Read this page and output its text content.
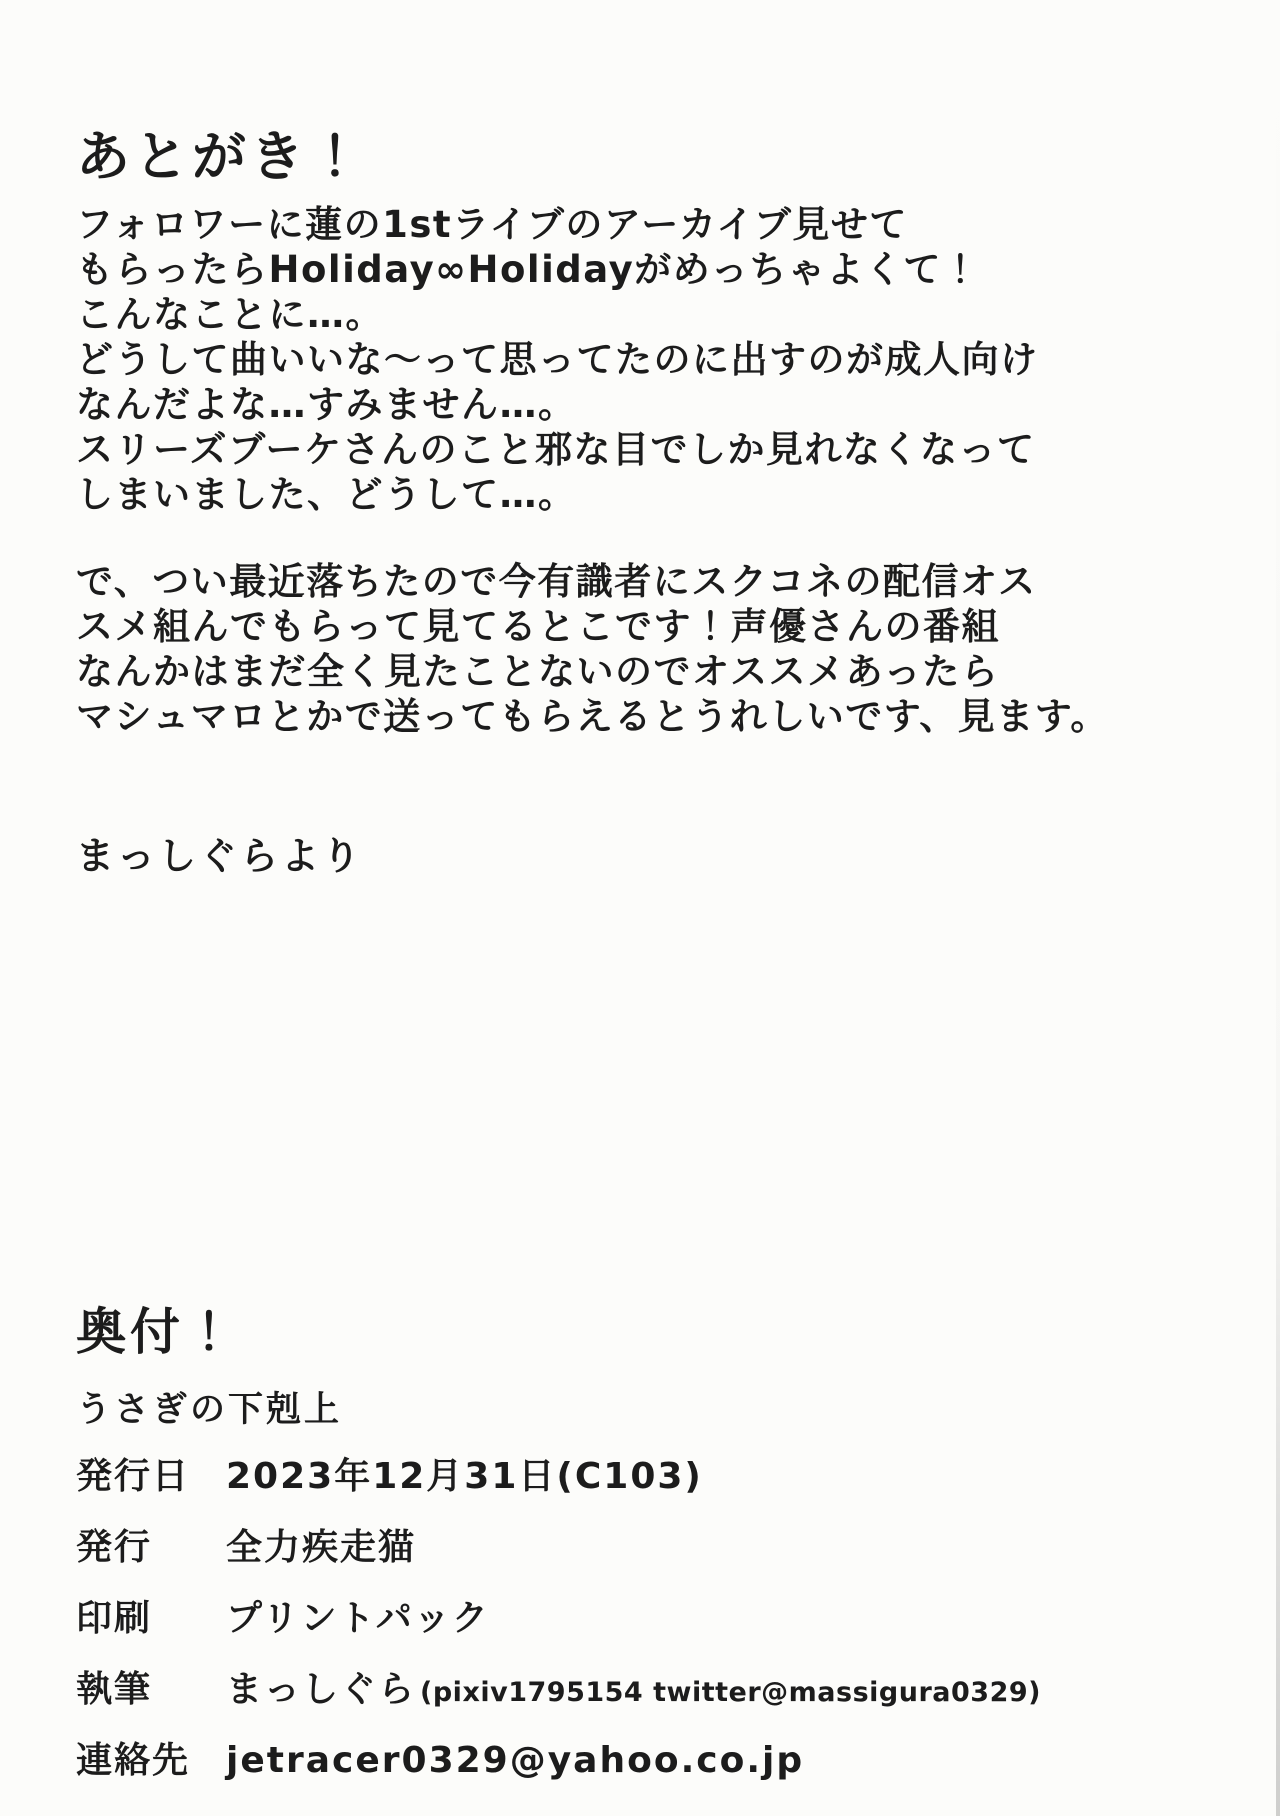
あとがき！
フォロワーに蓮の1stライブのアーカイブ見せて
もらったらHoliday∞Holidayがめっちゃよくて！
こんなことに…。
どうして曲いいな～って思ってたのに出すのが成人向け
なんだよな…すみません…。
スリーズブーケさんのこと邪な目でしか見れなくなって
しまいました、どうして…。
で、つい最近落ちたので今有識者にスクコネの配信オス
スメ組んでもらって見てるとこです！声優さんの番組
なんかはまだ全く見たことないのでオススメあったら
マシュマロとかで送ってもらえるとうれしいです、見ます。
まっしぐらより
奥付！
うさぎの下剋上
発行日 2023年12月31日(C103)
発行	全力疾走猫
印刷	プリントパック
執筆	まっしぐら (pixiv1795154 twitter@massigura0329)
連絡先 jetracer0329@yahoo.co.jp
